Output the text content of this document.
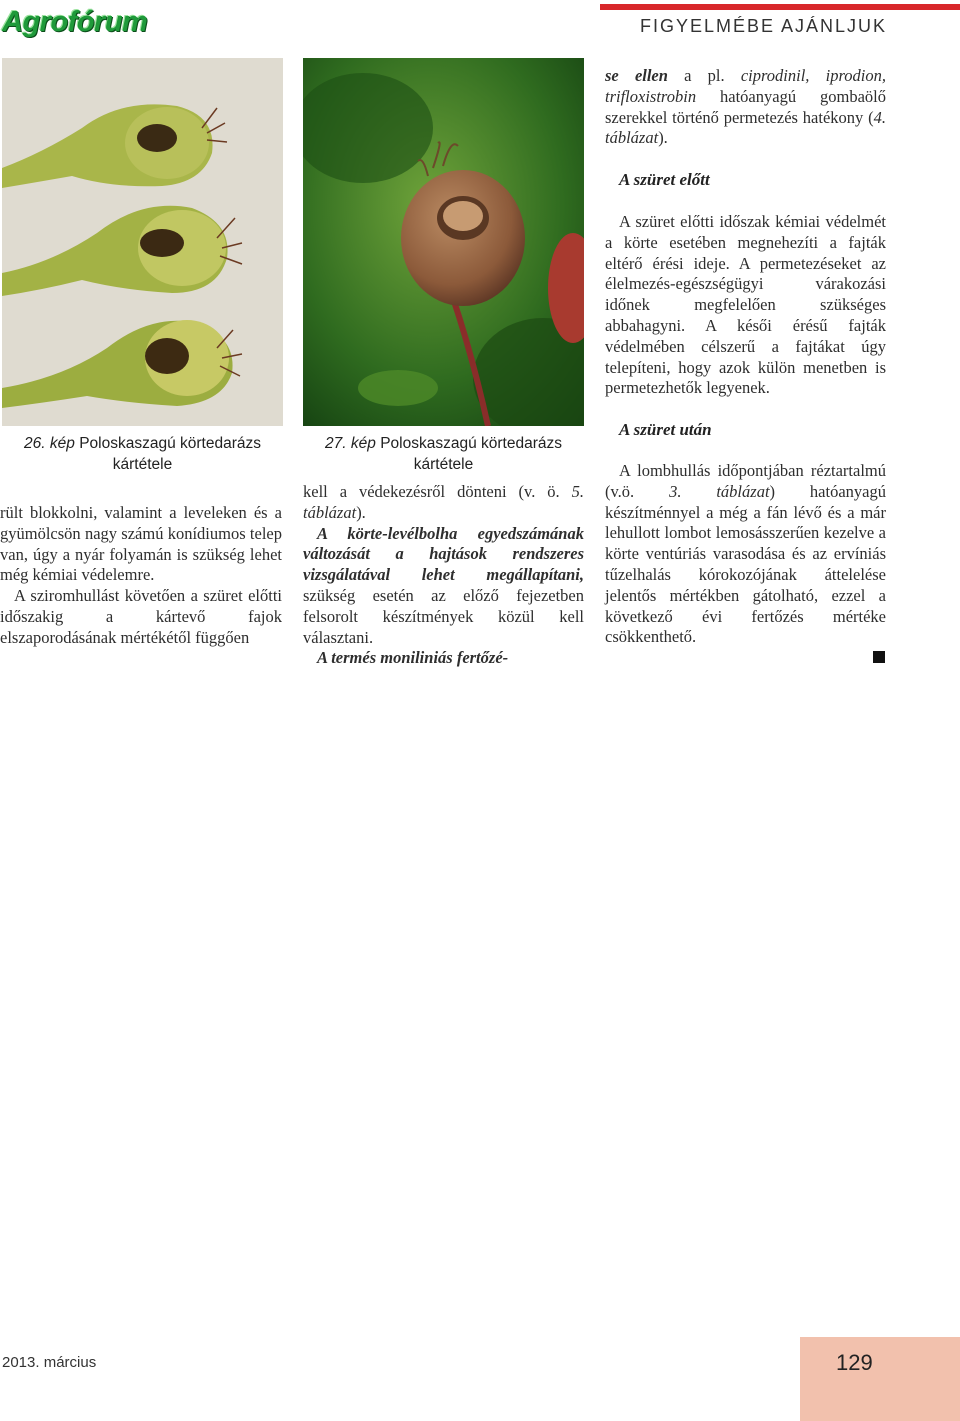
Agrofórum	FIGYELMÉBE AJÁNLJUK
26. kép Poloskaszagú körtedarázs
kártétele
27. kép Poloskaszagú körtedarázs
kártétele

rült blokkolni, valamint a leveleken és a gyümölcsön nagy számú konídiumos telep van, úgy a nyár folyamán is szükség lehet még kémiai védelemre.

A sziromhullást követően a szüret előtti időszakig a kártevő fajok elszaporodásának mértékétől függően

kell a védekezésről dönteni (v. ö. 5. táblázat).

A körte-levélbolha egyedszámának változását a hajtások rendszeres vizsgálatával lehet megállapítani, szükség esetén az előző fejezetben felsorolt készítmények közül kell választani.

A termés moniliniás fertőzé-

se ellen a pl. ciprodinil, iprodion, trifloxistrobin hatóanyagú gombaölő szerekkel történő permetezés hatékony (4. táblázat).

A szüret előtt

A szüret előtti időszak kémiai védelmét a körte esetében megnehezíti a fajták eltérő érési ideje. A permetezéseket az élelmezés-egészségügyi várakozási időnek megfelelően szükséges abbahagyni. A késői érésű fajták védelmében célszerű a fajtákat úgy telepíteni, hogy azok külön menetben is permetezhetők legyenek.

A szüret után

A lombhullás időpontjában réztartalmú (v.ö. 3. táblázat) hatóanyagú készítménnyel a még a fán lévő és a már lehullott lombot lemosásszerűen kezelve a körte ventúriás varasodása és az ervíniás tűzelhalás kórokozójának áttelelése jelentős mértékben gátolható, ezzel a következő évi fertőzés mértéke csökkenthető.

2013. március	129
